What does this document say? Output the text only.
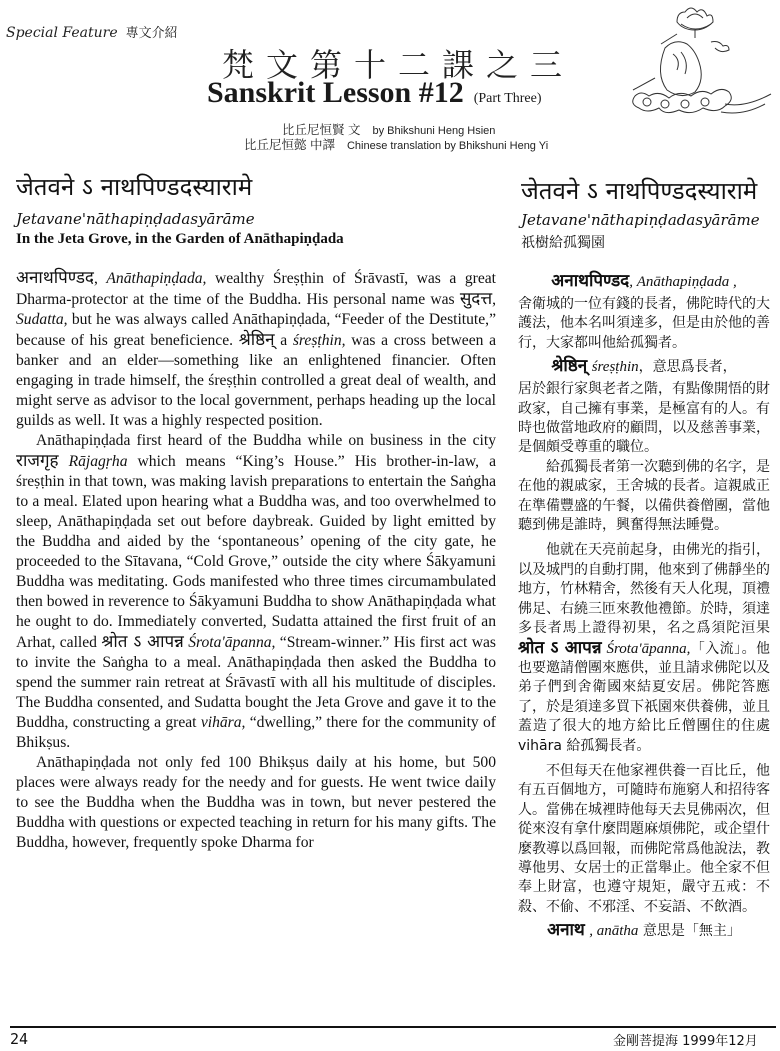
Special Feature 專文介紹
梵文第十二課之三
Sanskrit Lesson #12 (Part Three)
比丘尼恒賢 文 by Bhikshuni Heng Hsien
比丘尼恒懿 中譯 Chinese translation by Bhikshuni Heng Yi
जेतवने ऽ नाथपिण्डदस्यारामे
Jetavane'nāthapiṇḍadasyārāme
In the Jeta Grove, in the Garden of Anāthapiṇḍada
जेतवने ऽ नाथपिण्डदस्यारामे
Jetavane'nāthapiṇḍadasyārāme
祇樹給孤獨園

अनाथपिण्डद, Anāthapiṇḍada, wealthy Śreṣṭhin of Śrāvastī, was a great Dharma-protector at the time of the Buddha. His personal name was सुदत्त, Sudatta, but he was always called Anāthapiṇḍada, “Feeder of the Destitute,” because of his great beneficience. श्रेष्ठिन् a śreṣṭhin, was a cross between a banker and an elder—something like an enlightened financier. Often engaging in trade himself, the śreṣṭhin controlled a great deal of wealth, and might serve as advisor to the local government, perhaps heading up the local guilds as well. It was a highly respected position.

Anāthapiṇḍada first heard of the Buddha while on business in the city राजगृह Rājagṛha which means “King’s House.” His brother-in-law, a śreṣṭhin in that town, was making lavish preparations to entertain the Saṅgha to a meal. Elated upon hearing what a Buddha was, and too overwhelmed to sleep, Anāthapiṇḍada set out before daybreak. Guided by light emitted by the Buddha and aided by the ‘spontaneous’ opening of the city gate, he proceeded to the Sītavana, “Cold Grove,” outside the city where Śākyamuni Buddha was meditating. Gods manifested who three times circumambulated then bowed in reverence to Śākyamuni Buddha to show Anāthapiṇḍada what he ought to do. Immediately converted, Sudatta attained the first fruit of an Arhat, called श्रोत ऽ आपन्न Śrota'āpanna, “Stream-winner.” His first act was to invite the Saṅgha to a meal. Anāthapiṇḍada then asked the Buddha to spend the summer rain retreat at Śrāvastī with all his multitude of disciples. The Buddha consented, and Sudatta bought the Jeta Grove and gave it to the Buddha, constructing a great vihāra, “dwelling,” there for the community of Bhikṣus.

Anāthapiṇḍada not only fed 100 Bhikṣus daily at his home, but 500 places were always ready for the needy and for guests. He went twice daily to see the Buddha when the Buddha was in town, but never pestered the Buddha with questions or expected teaching in return for his many gifts. The Buddha, however, frequently spoke Dharma for

अनाथपिण्डद, Anāthapiṇḍada ,

舍衛城的一位有錢的長者，佛陀時代的大護法，他本名叫須達多，但是由於他的善行，大家都叫他給孤獨者。

श्रेष्ठिन् śreṣṭhin，意思爲長者，

居於銀行家與老者之階，有點像開悟的財政家，自己擁有事業，是極富有的人。有時也做當地政府的顧問，以及慈善事業，是個頗受尊重的職位。

給孤獨長者第一次聽到佛的名字，是在他的親戚家，王舍城的長者。這親戚正在準備豐盛的午餐，以備供養僧團，當他聽到佛是誰時，興奮得無法睡覺。

他就在天亮前起身，由佛光的指引，以及城門的自動打開，他來到了佛靜坐的地方，竹林精舍，然後有天人化現，頂禮佛足、右繞三匝來教他禮節。於時，須達多長者馬上證得初果，名之爲須陀洹果 श्रोत ऽ आपन्न Śrota'āpanna,「入流」。他也要邀請僧團來應供，並且請求佛陀以及弟子們到舍衛國來結夏安居。佛陀答應了，於是須達多買下祇園來供養佛，並且蓋造了很大的地方給比丘僧團住的住處 vihāra 給孤獨長者。

不但每天在他家裡供養一百比丘，他有五百個地方，可隨時布施窮人和招待客人。當佛在城裡時他每天去見佛兩次，但從來沒有拿什麼問題麻煩佛陀，或企望什麼教導以爲回報，而佛陀常爲他說法，教導他男、女居士的正當舉止。他全家不但奉上財富，也遵守規矩，嚴守五戒：不殺、不偷、不邪淫、不妄語、不飲酒。

अनाथ , anātha 意思是「無主」

24	金剛菩提海 1999年12月
